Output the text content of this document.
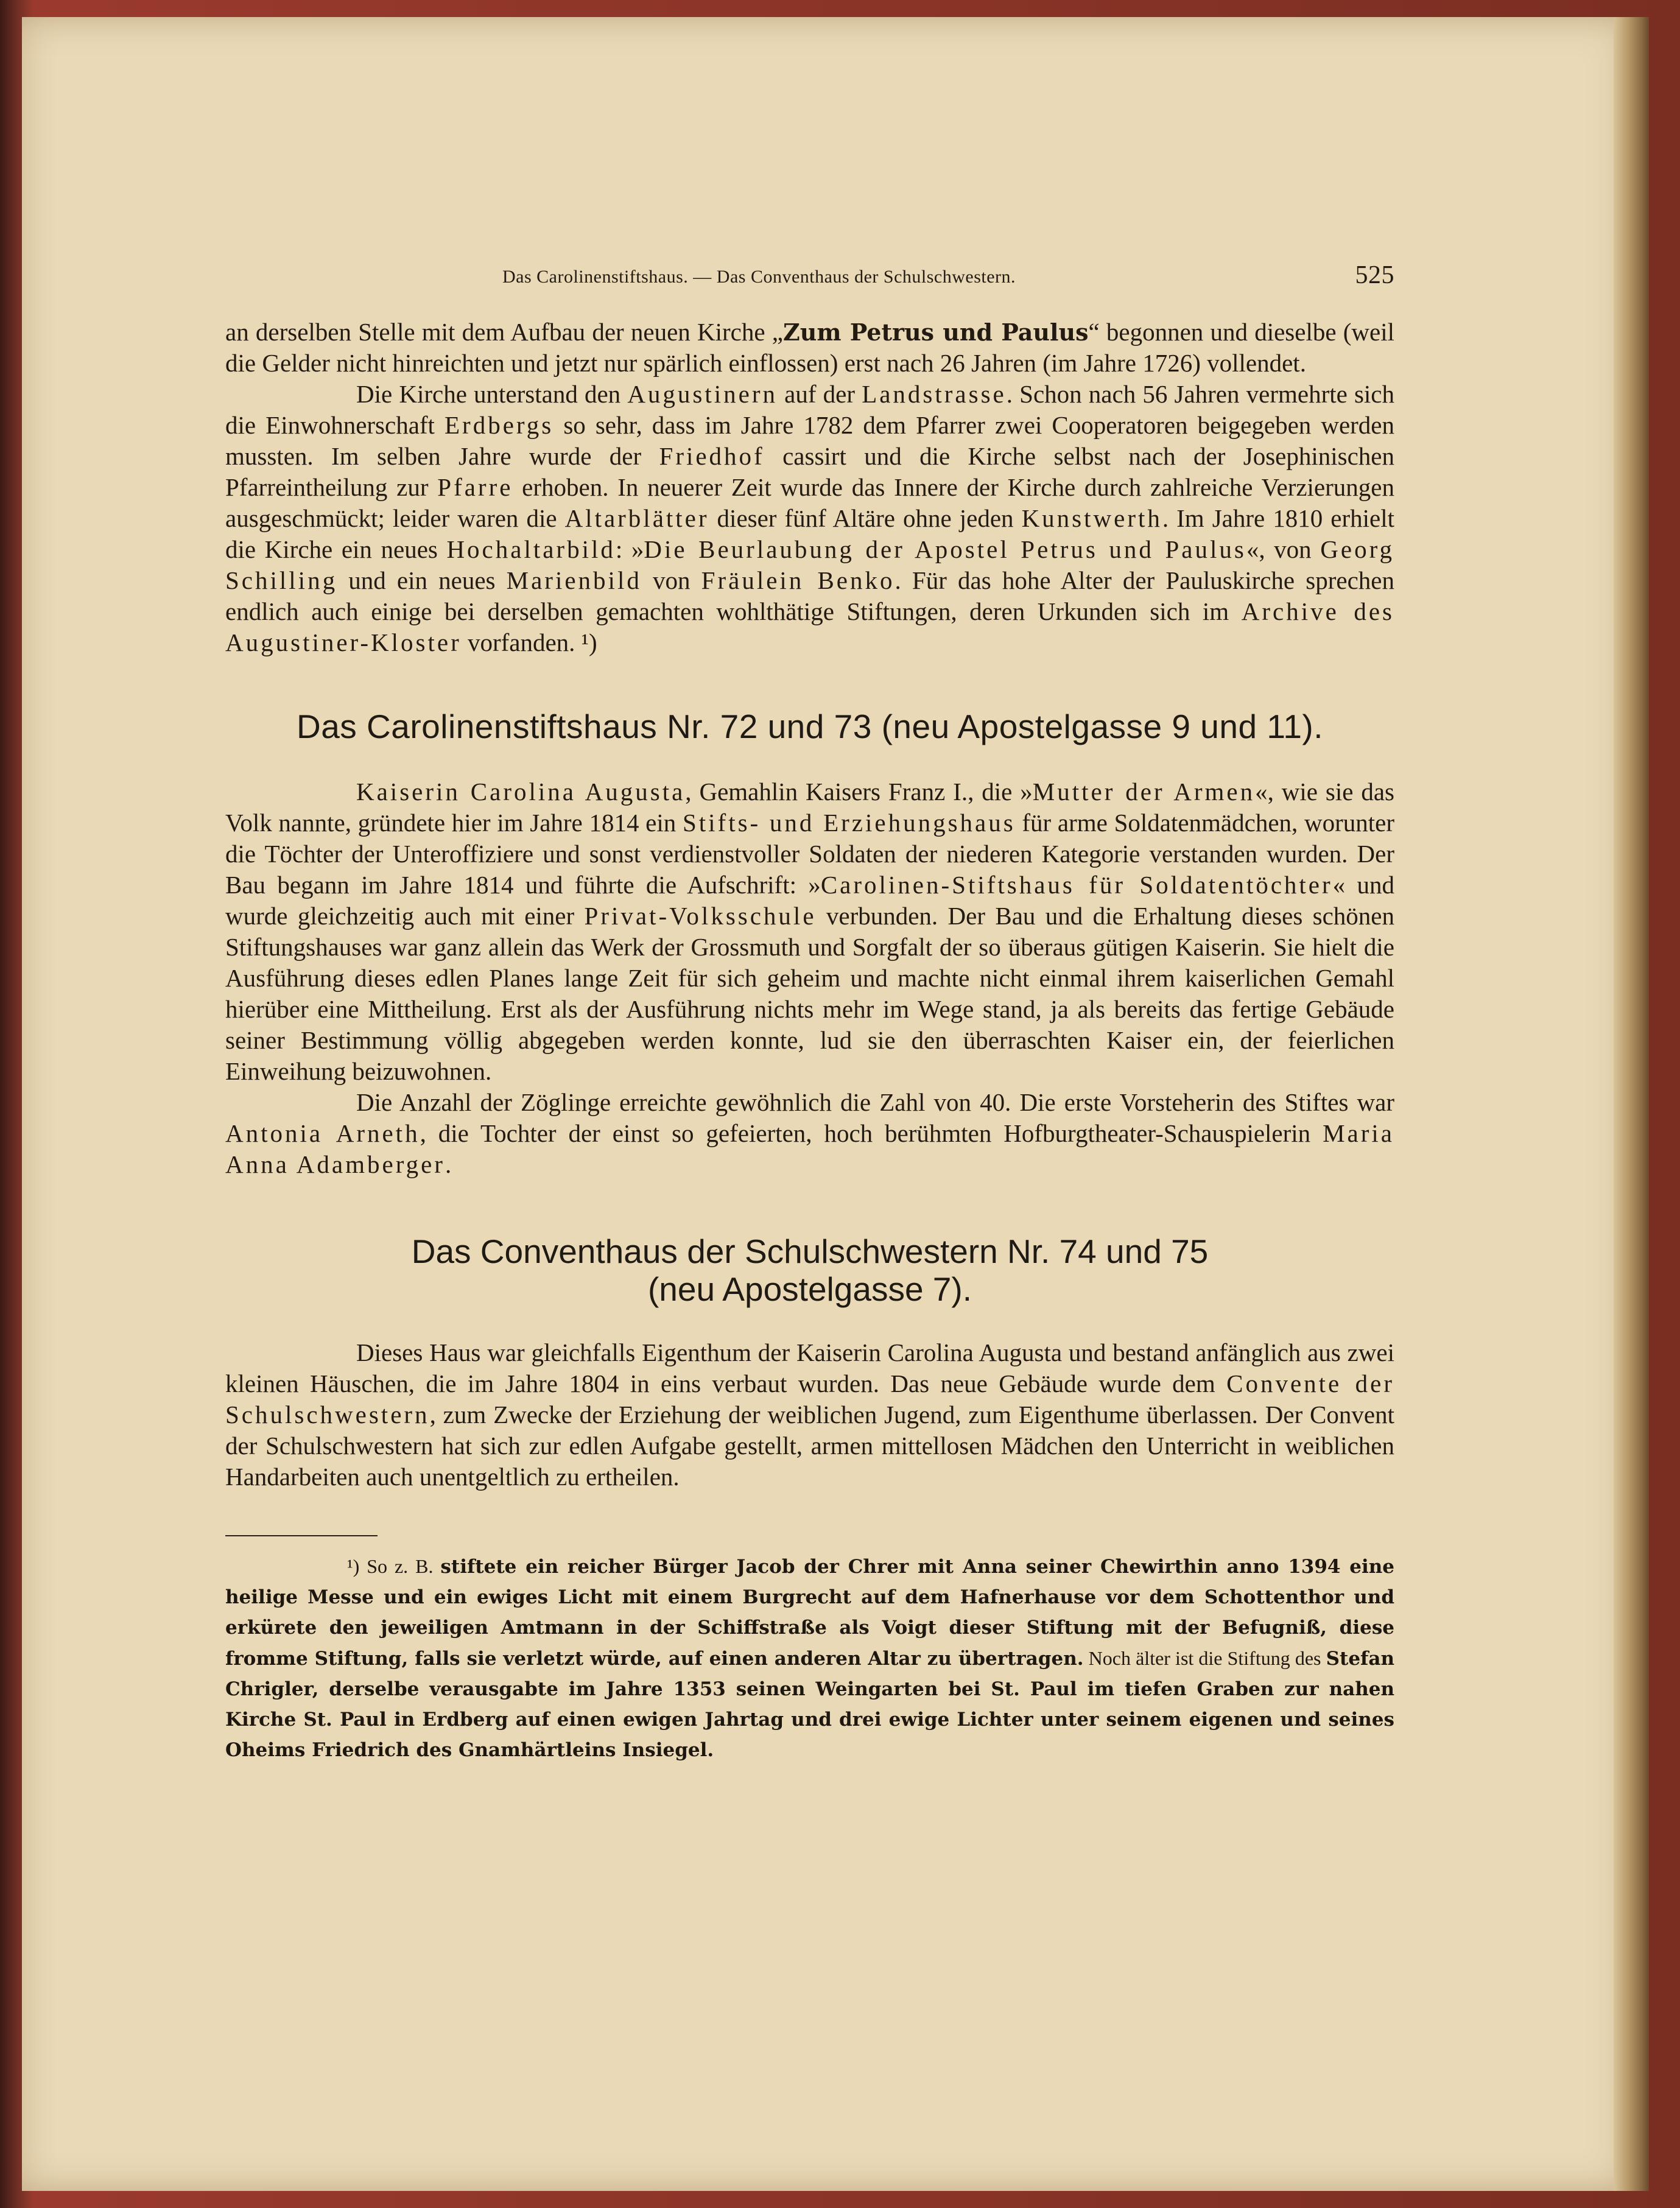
Das Carolinenstiftshaus. — Das Conventhaus der Schulschwestern.	525

an derselben Stelle mit dem Aufbau der neuen Kirche „Zum Petrus und Paulus“ begonnen und dieselbe (weil die Gelder nicht hinreichten und jetzt nur spärlich einflossen) erst nach 26 Jahren (im Jahre 1726) vollendet.

Die Kirche unterstand den Augustinern auf der Landstrasse. Schon nach 56 Jahren vermehrte sich die Einwohnerschaft Erdbergs so sehr, dass im Jahre 1782 dem Pfarrer zwei Cooperatoren beigegeben werden mussten. Im selben Jahre wurde der Friedhof cassirt und die Kirche selbst nach der Josephinischen Pfarreintheilung zur Pfarre erhoben. In neuerer Zeit wurde das Innere der Kirche durch zahlreiche Verzierungen ausgeschmückt; leider waren die Altarblätter dieser fünf Altäre ohne jeden Kunstwerth. Im Jahre 1810 erhielt die Kirche ein neues Hochaltarbild: »Die Beurlaubung der Apostel Petrus und Paulus«, von Georg Schilling und ein neues Marienbild von Fräulein Benko. Für das hohe Alter der Pauluskirche sprechen endlich auch einige bei derselben gemachten wohlthätige Stiftungen, deren Urkunden sich im Archive des Augustiner-Kloster vorfanden. ¹)

Das Carolinenstiftshaus Nr. 72 und 73 (neu Apostelgasse 9 und 11).

Kaiserin Carolina Augusta, Gemahlin Kaisers Franz I., die »Mutter der Armen«, wie sie das Volk nannte, gründete hier im Jahre 1814 ein Stifts- und Erziehungshaus für arme Soldatenmädchen, worunter die Töchter der Unteroffiziere und sonst verdienstvoller Soldaten der niederen Kategorie verstanden wurden. Der Bau begann im Jahre 1814 und führte die Aufschrift: »Carolinen-Stiftshaus für Soldatentöchter« und wurde gleichzeitig auch mit einer Privat-Volksschule verbunden. Der Bau und die Erhaltung dieses schönen Stiftungshauses war ganz allein das Werk der Grossmuth und Sorgfalt der so überaus gütigen Kaiserin. Sie hielt die Ausführung dieses edlen Planes lange Zeit für sich geheim und machte nicht einmal ihrem kaiserlichen Gemahl hierüber eine Mittheilung. Erst als der Ausführung nichts mehr im Wege stand, ja als bereits das fertige Gebäude seiner Bestimmung völlig abgegeben werden konnte, lud sie den überraschten Kaiser ein, der feierlichen Einweihung beizuwohnen.

Die Anzahl der Zöglinge erreichte gewöhnlich die Zahl von 40. Die erste Vorsteherin des Stiftes war Antonia Arneth, die Tochter der einst so gefeierten, hoch berühmten Hofburgtheater-Schauspielerin Maria Anna Adamberger.

Das Conventhaus der Schulschwestern Nr. 74 und 75
(neu Apostelgasse 7).

Dieses Haus war gleichfalls Eigenthum der Kaiserin Carolina Augusta und bestand anfänglich aus zwei kleinen Häuschen, die im Jahre 1804 in eins verbaut wurden. Das neue Gebäude wurde dem Convente der Schulschwestern, zum Zwecke der Erziehung der weiblichen Jugend, zum Eigenthume überlassen. Der Convent der Schulschwestern hat sich zur edlen Aufgabe gestellt, armen mittellosen Mädchen den Unterricht in weiblichen Handarbeiten auch unentgeltlich zu ertheilen.

¹) So z. B. stiftete ein reicher Bürger Jacob der Chrer mit Anna seiner Chewirthin anno 1394 eine heilige Messe und ein ewiges Licht mit einem Burgrecht auf dem Hafnerhause vor dem Schottenthor und erkürete den jeweiligen Amtmann in der Schiffstraße als Voigt dieser Stiftung mit der Befugniß, diese fromme Stiftung, falls sie verletzt würde, auf einen anderen Altar zu übertragen. Noch älter ist die Stiftung des Stefan Chrigler, derselbe verausgabte im Jahre 1353 seinen Weingarten bei St. Paul im tiefen Graben zur nahen Kirche St. Paul in Erdberg auf einen ewigen Jahrtag und drei ewige Lichter unter seinem eigenen und seines Oheims Friedrich des Gnamhärtleins Insiegel.
